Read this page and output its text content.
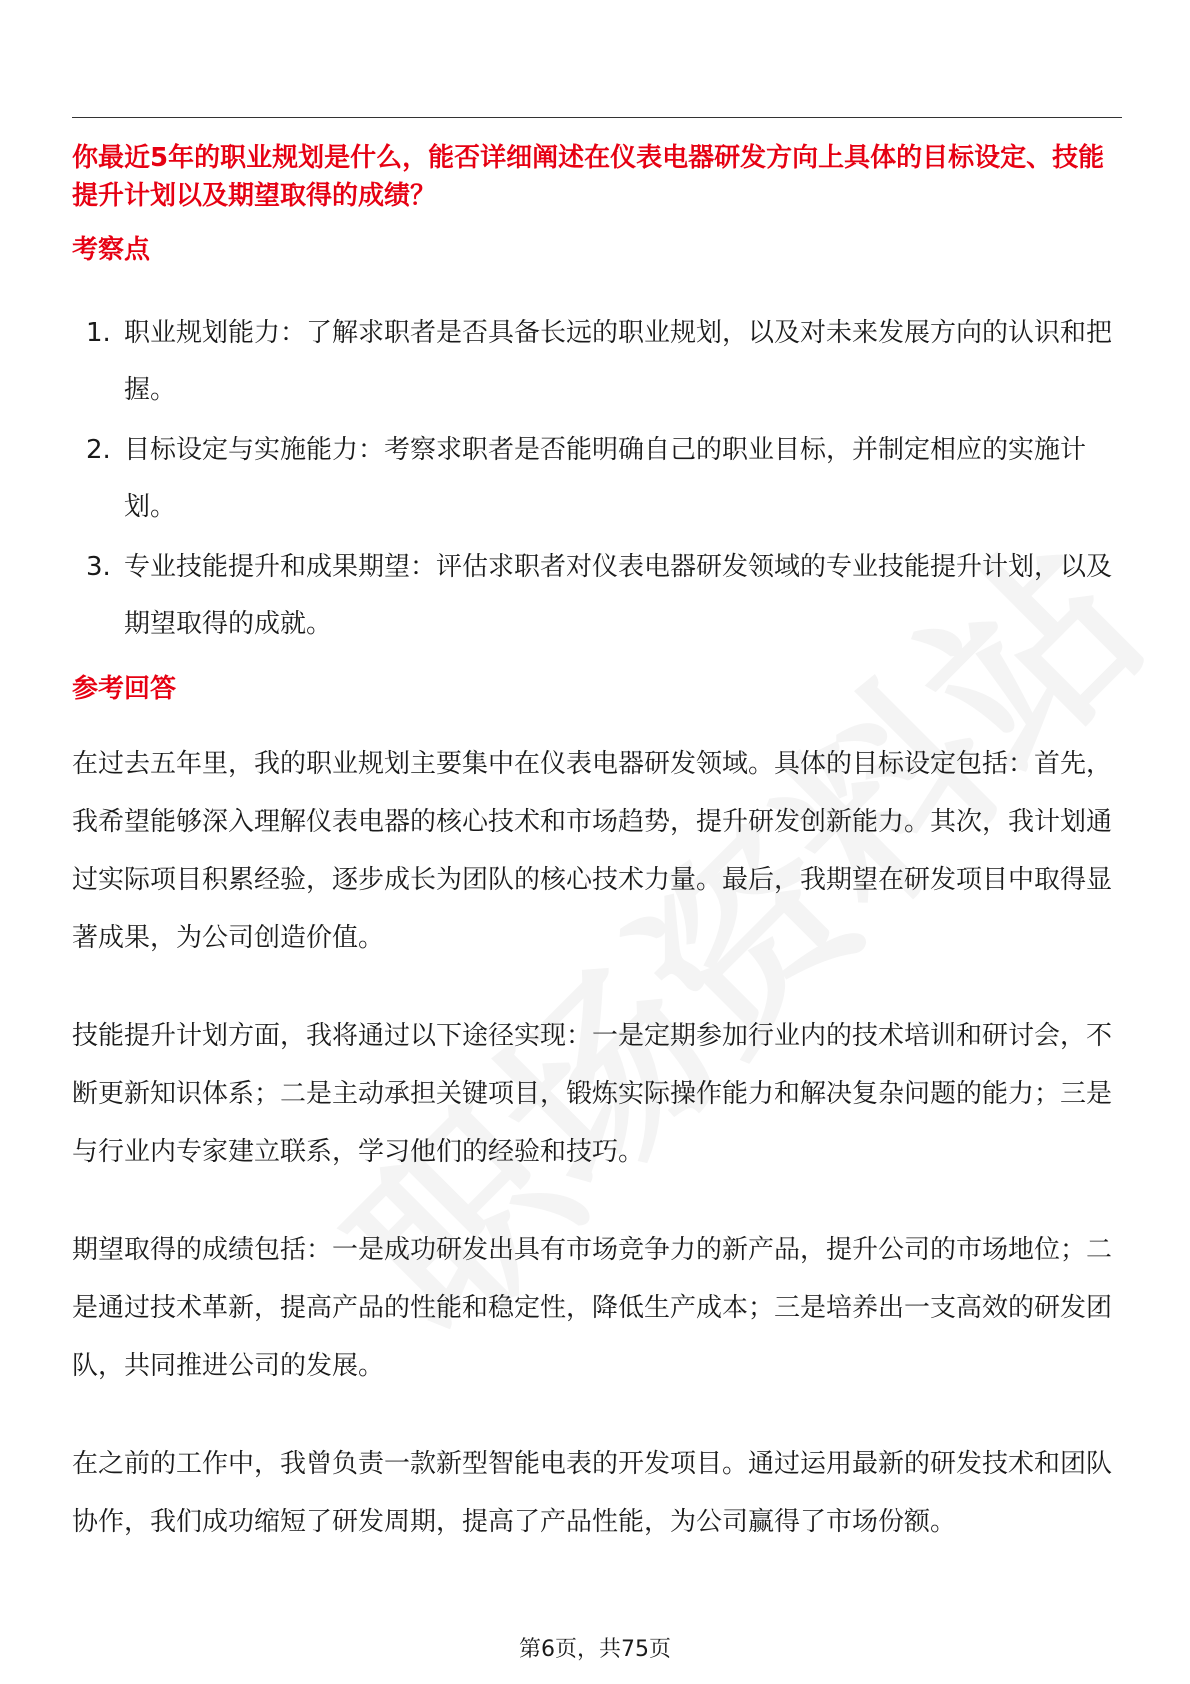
你最近5年的职业规划是什么，能否详细阐述在仪表电器研发方向上具体的目标设定、技能提升计划以及期望取得的成绩？

考察点
1. 职业规划能力：了解求职者是否具备长远的职业规划，以及对未来发展方向的认识和把握。
2. 目标设定与实施能力：考察求职者是否能明确自己的职业目标，并制定相应的实施计划。
3. 专业技能提升和成果期望：评估求职者对仪表电器研发领域的专业技能提升计划，以及期望取得的成就。
参考回答

在过去五年里，我的职业规划主要集中在仪表电器研发领域。具体的目标设定包括：首先，我希望能够深入理解仪表电器的核心技术和市场趋势，提升研发创新能力。其次，我计划通过实际项目积累经验，逐步成长为团队的核心技术力量。最后，我期望在研发项目中取得显著成果，为公司创造价值。

技能提升计划方面，我将通过以下途径实现：一是定期参加行业内的技术培训和研讨会，不断更新知识体系；二是主动承担关键项目，锻炼实际操作能力和解决复杂问题的能力；三是与行业内专家建立联系，学习他们的经验和技巧。

期望取得的成绩包括：一是成功研发出具有市场竞争力的新产品，提升公司的市场地位；二是通过技术革新，提高产品的性能和稳定性，降低生产成本；三是培养出一支高效的研发团队，共同推进公司的发展。

在之前的工作中，我曾负责一款新型智能电表的开发项目。通过运用最新的研发技术和团队协作，我们成功缩短了研发周期，提高了产品性能，为公司赢得了市场份额。

第6页，共75页
